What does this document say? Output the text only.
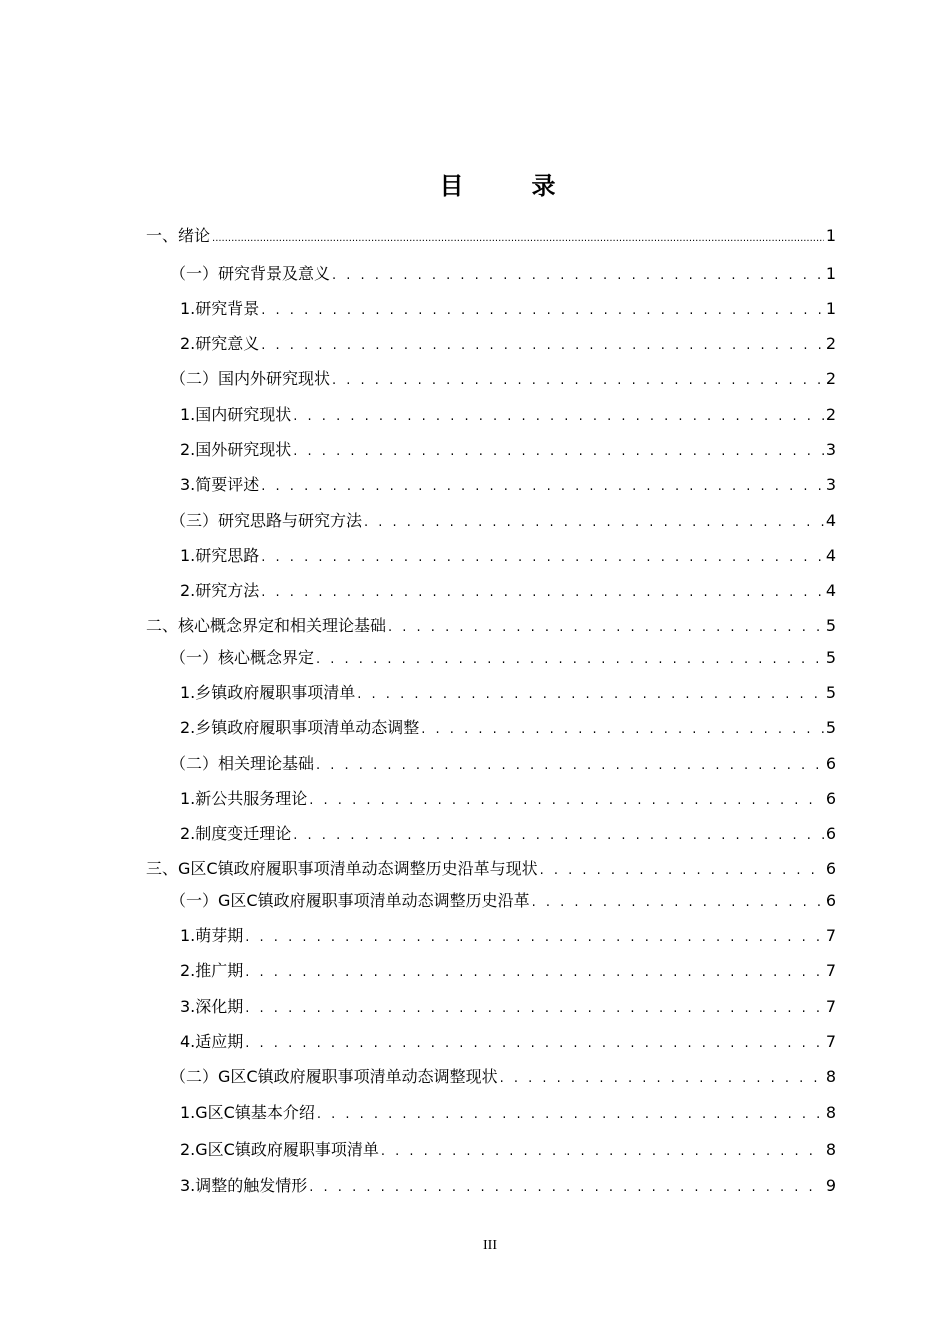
目　录
一、绪论 .....	1
（一）研究背景及意义 . . .	1
1.研究背景 . . .	1
2.研究意义 . . .	2
（二）国内外研究现状 . . .	2
1.国内研究现状 . . .	2
2.国外研究现状 . . .	3
3.简要评述 . . .	3
（三）研究思路与研究方法 . . .	4
1.研究思路 . . .	4
2.研究方法 . . .	4
二、核心概念界定和相关理论基础 . . .	5
（一）核心概念界定 . . .	5
1.乡镇政府履职事项清单 . . .	5
2.乡镇政府履职事项清单动态调整 . . .	5
（二）相关理论基础 . . .	6
1.新公共服务理论 . . .	6
2.制度变迁理论 . . .	6
三、G区C镇政府履职事项清单动态调整历史沿革与现状 . . .	6
（一）G区C镇政府履职事项清单动态调整历史沿革 . . .	6
1.萌芽期 . . .	7
2.推广期 . . .	7
3.深化期 . . .	7
4.适应期 . . .	7
（二）G区C镇政府履职事项清单动态调整现状 . . .	8
1.G区C镇基本介绍 . . .	8
2.G区C镇政府履职事项清单 . . .	8
3.调整的触发情形 . . .	9
III
